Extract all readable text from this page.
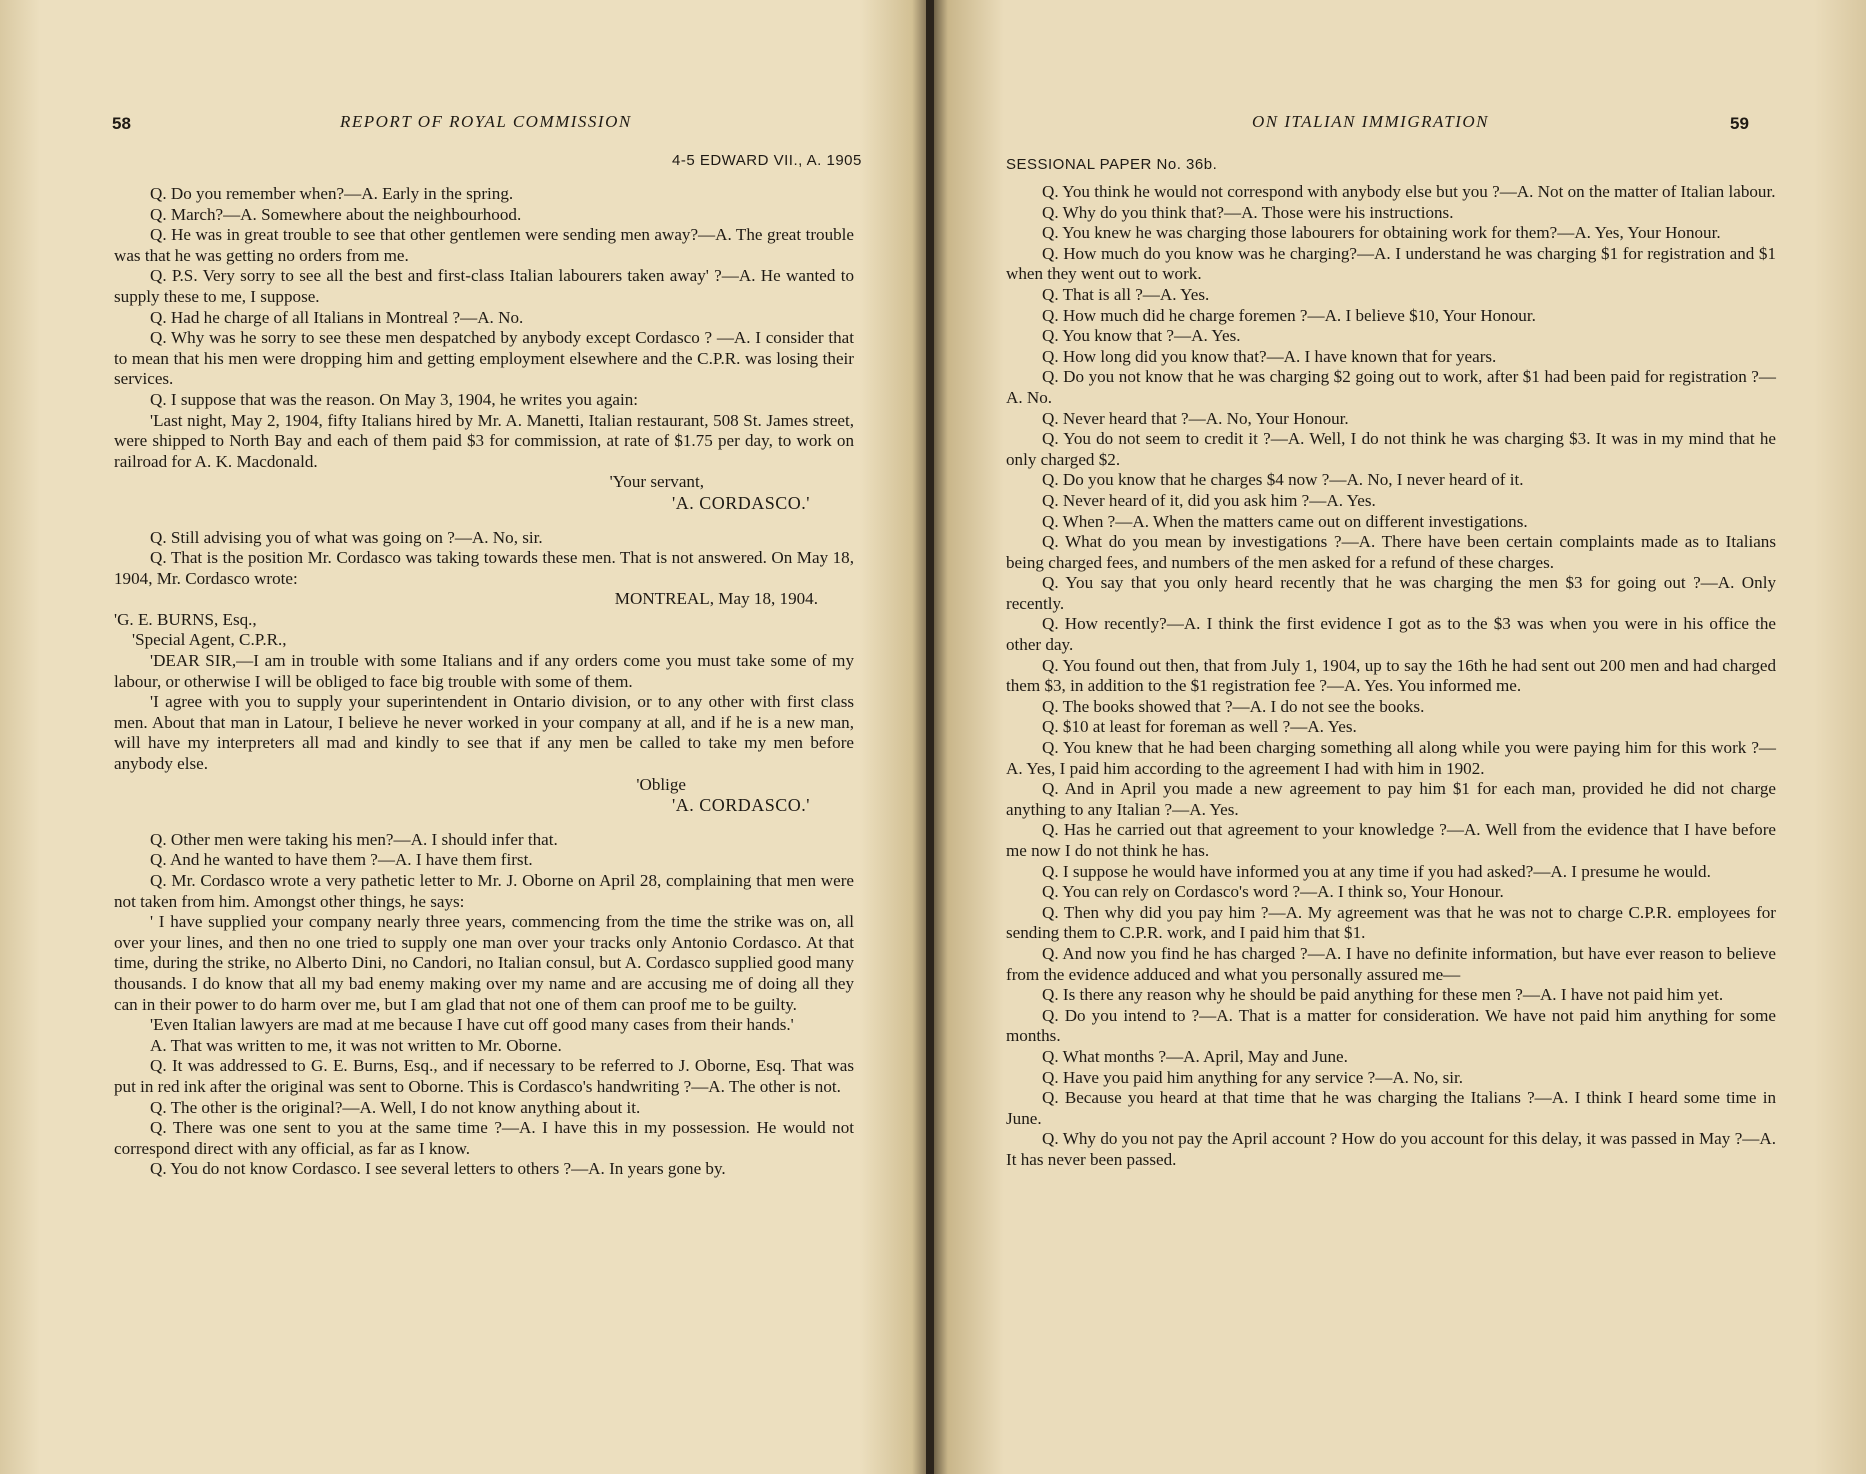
58	REPORT OF ROYAL COMMISSION
4-5 EDWARD VII., A. 1905

Q. Do you remember when?—A. Early in the spring.

Q. March?—A. Somewhere about the neighbourhood.

Q. He was in great trouble to see that other gentlemen were sending men away?—A. The great trouble was that he was getting no orders from me.

Q. P.S. Very sorry to see all the best and first-class Italian labourers taken away' ?—A. He wanted to supply these to me, I suppose.

Q. Had he charge of all Italians in Montreal ?—A. No.

Q. Why was he sorry to see these men despatched by anybody except Cordasco ? —A. I consider that to mean that his men were dropping him and getting employment elsewhere and the C.P.R. was losing their services.

Q. I suppose that was the reason. On May 3, 1904, he writes you again:

'Last night, May 2, 1904, fifty Italians hired by Mr. A. Manetti, Italian restaurant, 508 St. James street, were shipped to North Bay and each of them paid $3 for commission, at rate of $1.75 per day, to work on railroad for A. K. Macdonald.

'Your servant,

'A. CORDASCO.'

Q. Still advising you of what was going on ?—A. No, sir.

Q. That is the position Mr. Cordasco was taking towards these men. That is not answered. On May 18, 1904, Mr. Cordasco wrote:

MONTREAL, May 18, 1904.

'G. E. BURNS, Esq.,

'Special Agent, C.P.R.,

'DEAR SIR,—I am in trouble with some Italians and if any orders come you must take some of my labour, or otherwise I will be obliged to face big trouble with some of them.

'I agree with you to supply your superintendent in Ontario division, or to any other with first class men. About that man in Latour, I believe he never worked in your company at all, and if he is a new man, will have my interpreters all mad and kindly to see that if any men be called to take my men before anybody else.

'Oblige

'A. CORDASCO.'

Q. Other men were taking his men?—A. I should infer that.

Q. And he wanted to have them ?—A. I have them first.

Q. Mr. Cordasco wrote a very pathetic letter to Mr. J. Oborne on April 28, complaining that men were not taken from him. Amongst other things, he says:

' I have supplied your company nearly three years, commencing from the time the strike was on, all over your lines, and then no one tried to supply one man over your tracks only Antonio Cordasco. At that time, during the strike, no Alberto Dini, no Candori, no Italian consul, but A. Cordasco supplied good many thousands. I do know that all my bad enemy making over my name and are accusing me of doing all they can in their power to do harm over me, but I am glad that not one of them can proof me to be guilty.

'Even Italian lawyers are mad at me because I have cut off good many cases from their hands.'

A. That was written to me, it was not written to Mr. Oborne.

Q. It was addressed to G. E. Burns, Esq., and if necessary to be referred to J. Oborne, Esq. That was put in red ink after the original was sent to Oborne. This is Cordasco's handwriting ?—A. The other is not.

Q. The other is the original?—A. Well, I do not know anything about it.

Q. There was one sent to you at the same time ?—A. I have this in my possession. He would not correspond direct with any official, as far as I know.

Q. You do not know Cordasco. I see several letters to others ?—A. In years gone by.

ON ITALIAN IMMIGRATION	59
SESSIONAL PAPER No. 36b.

Q. You think he would not correspond with anybody else but you ?—A. Not on the matter of Italian labour.

Q. Why do you think that?—A. Those were his instructions.

Q. You knew he was charging those labourers for obtaining work for them?—A. Yes, Your Honour.

Q. How much do you know was he charging?—A. I understand he was charging $1 for registration and $1 when they went out to work.

Q. That is all ?—A. Yes.

Q. How much did he charge foremen ?—A. I believe $10, Your Honour.

Q. You know that ?—A. Yes.

Q. How long did you know that?—A. I have known that for years.

Q. Do you not know that he was charging $2 going out to work, after $1 had been paid for registration ?—A. No.

Q. Never heard that ?—A. No, Your Honour.

Q. You do not seem to credit it ?—A. Well, I do not think he was charging $3. It was in my mind that he only charged $2.

Q. Do you know that he charges $4 now ?—A. No, I never heard of it.

Q. Never heard of it, did you ask him ?—A. Yes.

Q. When ?—A. When the matters came out on different investigations.

Q. What do you mean by investigations ?—A. There have been certain complaints made as to Italians being charged fees, and numbers of the men asked for a refund of these charges.

Q. You say that you only heard recently that he was charging the men $3 for going out ?—A. Only recently.

Q. How recently?—A. I think the first evidence I got as to the $3 was when you were in his office the other day.

Q. You found out then, that from July 1, 1904, up to say the 16th he had sent out 200 men and had charged them $3, in addition to the $1 registration fee ?—A. Yes. You informed me.

Q. The books showed that ?—A. I do not see the books.

Q. $10 at least for foreman as well ?—A. Yes.

Q. You knew that he had been charging something all along while you were paying him for this work ?—A. Yes, I paid him according to the agreement I had with him in 1902.

Q. And in April you made a new agreement to pay him $1 for each man, provided he did not charge anything to any Italian ?—A. Yes.

Q. Has he carried out that agreement to your knowledge ?—A. Well from the evidence that I have before me now I do not think he has.

Q. I suppose he would have informed you at any time if you had asked?—A. I presume he would.

Q. You can rely on Cordasco's word ?—A. I think so, Your Honour.

Q. Then why did you pay him ?—A. My agreement was that he was not to charge C.P.R. employees for sending them to C.P.R. work, and I paid him that $1.

Q. And now you find he has charged ?—A. I have no definite information, but have ever reason to believe from the evidence adduced and what you personally assured me—

Q. Is there any reason why he should be paid anything for these men ?—A. I have not paid him yet.

Q. Do you intend to ?—A. That is a matter for consideration. We have not paid him anything for some months.

Q. What months ?—A. April, May and June.

Q. Have you paid him anything for any service ?—A. No, sir.

Q. Because you heard at that time that he was charging the Italians ?—A. I think I heard some time in June.

Q. Why do you not pay the April account ? How do you account for this delay, it was passed in May ?—A. It has never been passed.
